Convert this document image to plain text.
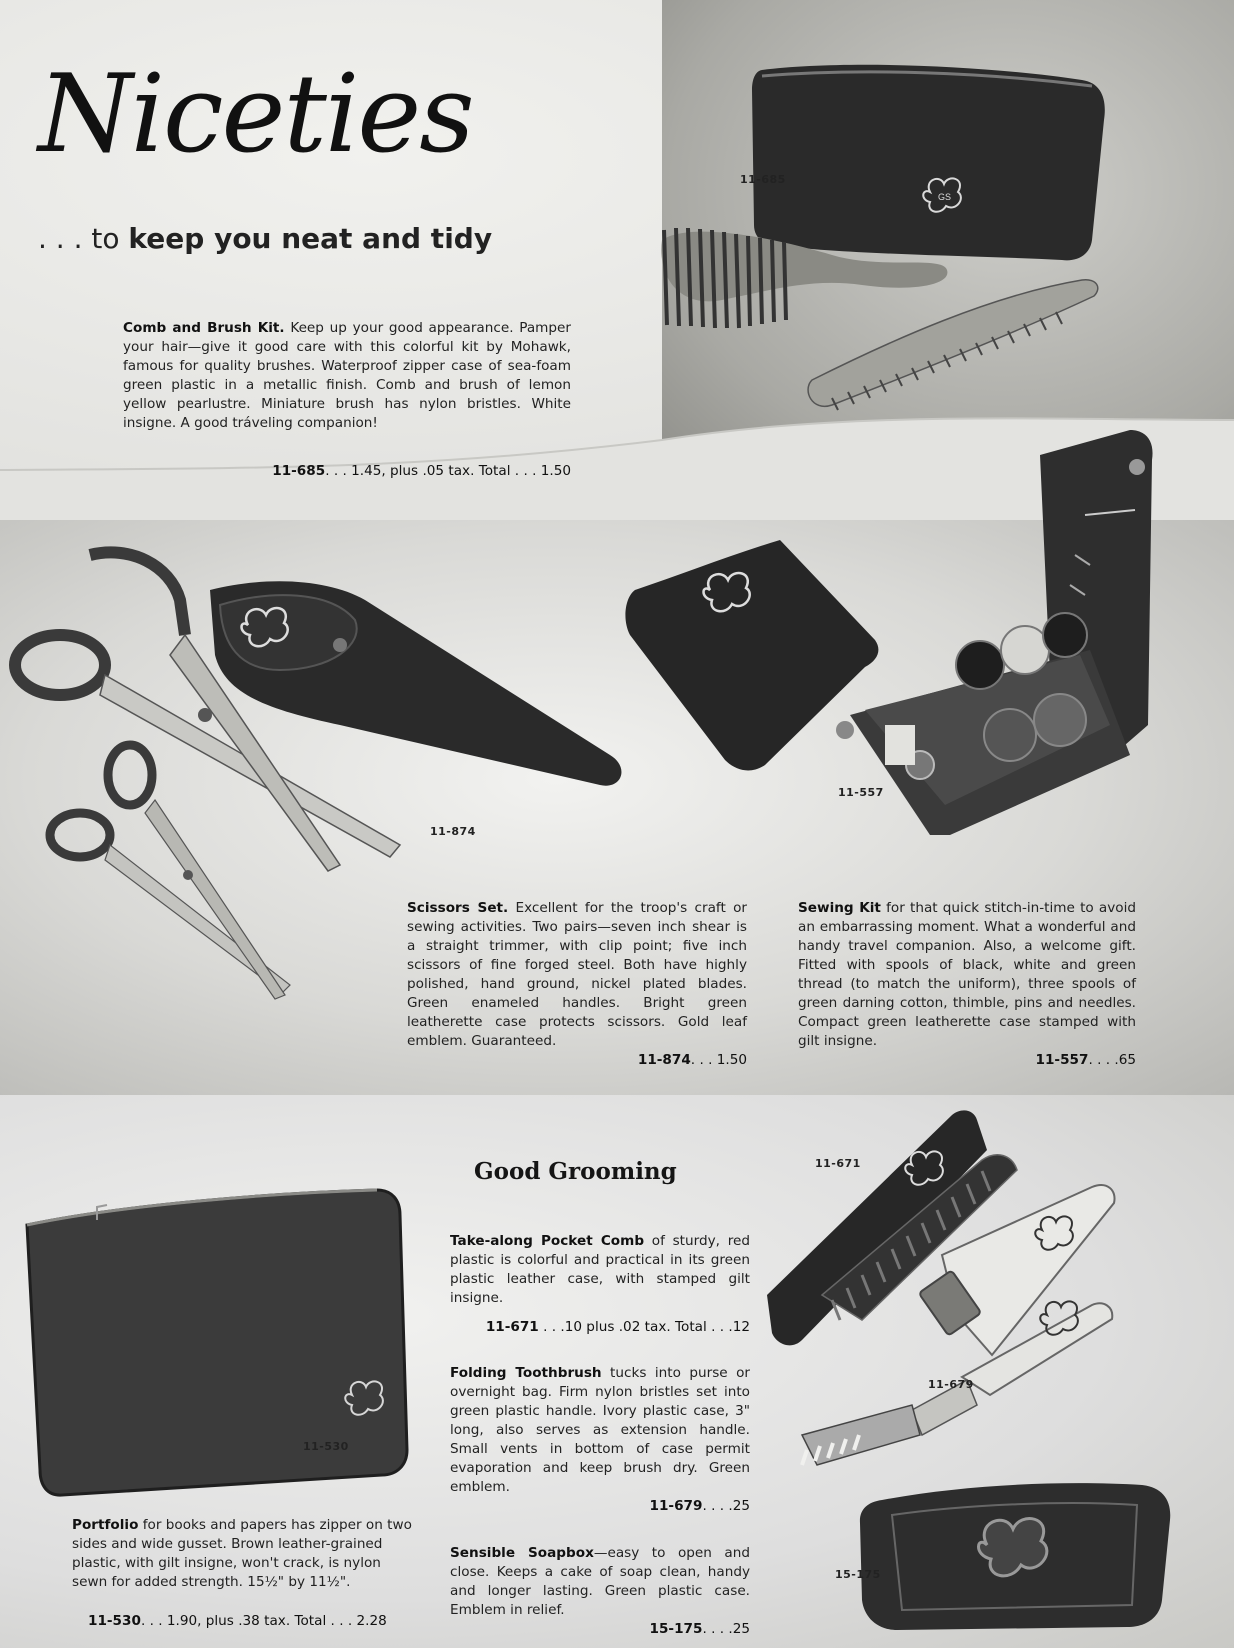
Niceties

. . . to keep you neat and tidy

GS
11-685

Comb and Brush Kit. Keep up your good appearance. Pamper your hair—give it good care with this colorful kit by Mohawk, famous for quality brushes. Waterproof zipper case of sea-foam green plastic in a metallic finish. Comb and brush of lemon yellow pearlustre. Miniature brush has nylon bristles. White insigne. A good tráveling companion!

11-685. . . 1.45, plus .05 tax. Total . . . 1.50

11-874
11-557

Scissors Set. Excellent for the troop's craft or sewing activities. Two pairs—seven inch shear is a straight trimmer, with clip point; five inch scissors of fine forged steel. Both have highly polished, hand ground, nickel plated blades. Green enameled handles. Bright green leatherette case protects scissors. Gold leaf emblem. Guaranteed.

11-874. . . 1.50

Sewing Kit for that quick stitch-in-time to avoid an embarrassing moment. What a wonderful and handy travel companion. Also, a welcome gift. Fitted with spools of black, white and green thread (to match the uniform), three spools of green darning cotton, thimble, pins and needles. Compact green leatherette case stamped with gilt insigne.

11-557. . . .65

11-530

Portfolio for books and papers has zipper on two sides and wide gusset. Brown leather-grained plastic, with gilt insigne, won't crack, is nylon sewn for added strength. 15½" by 11½".

11-530. . . 1.90, plus .38 tax. Total . . . 2.28

Good Grooming

Take-along Pocket Comb of sturdy, red plastic is colorful and practical in its green plastic leather case, with stamped gilt insigne.

11-671 . . .10 plus .02 tax. Total . . .12

Folding Toothbrush tucks into purse or overnight bag. Firm nylon bristles set into green plastic handle. Ivory plastic case, 3" long, also serves as extension handle. Small vents in bottom of case permit evaporation and keep brush dry. Green emblem.

11-679. . . .25

Sensible Soapbox—easy to open and close. Keeps a cake of soap clean, handy and longer lasting. Green plastic case. Emblem in relief.

15-175. . . .25

11-671
11-679
15-175
